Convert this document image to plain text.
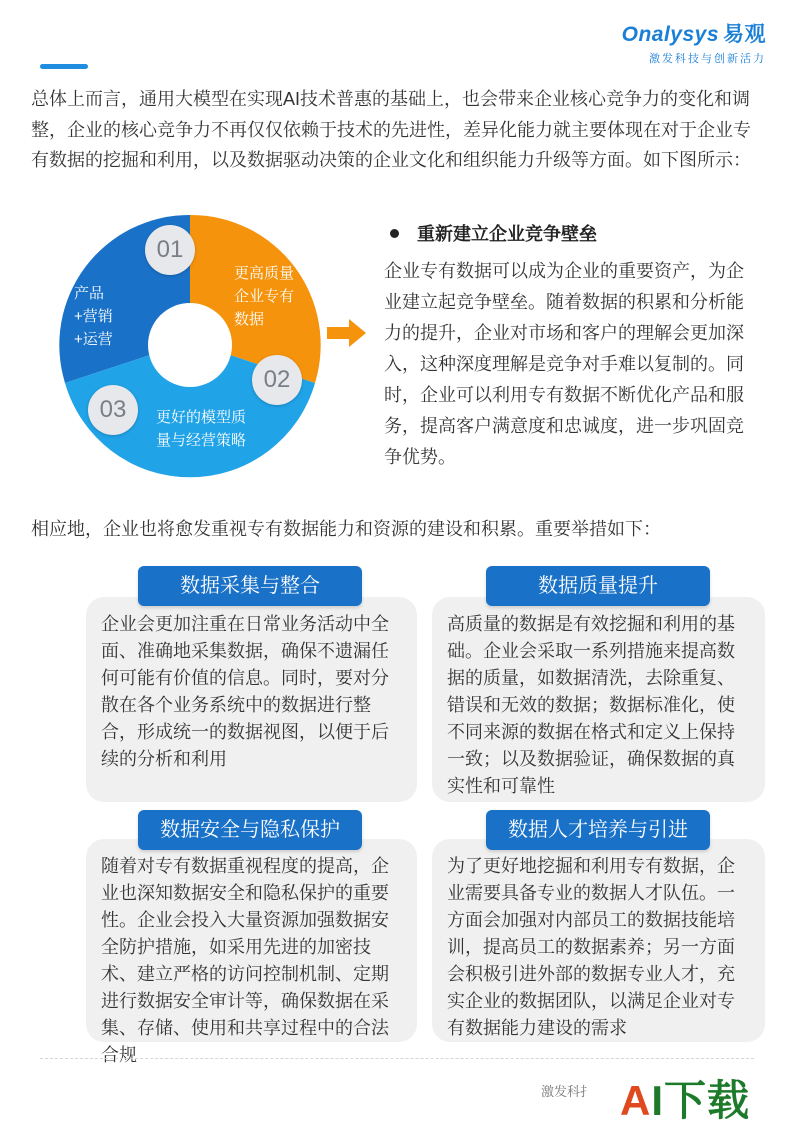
Onalysys 易观
激发科技与创新活力
总体上而言，通用大模型在实现AI技术普惠的基础上，也会带来企业核心竞争力的变化和调整，企业的核心竞争力不再仅仅依赖于技术的先进性，差异化能力就主要体现在对于企业专有数据的挖掘和利用，以及数据驱动决策的企业文化和组织能力升级等方面。如下图所示：
产品+营销+运营
更高质量企业专有数据
更好的模型质量与经营策略
01
02
03
重新建立企业竞争壁垒
企业专有数据可以成为企业的重要资产，为企业建立起竞争壁垒。随着数据的积累和分析能力的提升，企业对市场和客户的理解会更加深入，这种深度理解是竞争对手难以复制的。同时，企业可以利用专有数据不断优化产品和服务，提高客户满意度和忠诚度，进一步巩固竞争优势。
相应地，企业也将愈发重视专有数据能力和资源的建设和积累。重要举措如下：
企业会更加注重在日常业务活动中全面、准确地采集数据，确保不遗漏任何可能有价值的信息。同时，要对分散在各个业务系统中的数据进行整合，形成统一的数据视图，以便于后续的分析和利用
数据采集与整合
高质量的数据是有效挖掘和利用的基础。企业会采取一系列措施来提高数据的质量，如数据清洗，去除重复、错误和无效的数据；数据标准化，使不同来源的数据在格式和定义上保持一致；以及数据验证，确保数据的真实性和可靠性
数据质量提升
随着对专有数据重视程度的提高，企业也深知数据安全和隐私保护的重要性。企业会投入大量资源加强数据安全防护措施，如采用先进的加密技术、建立严格的访问控制机制、定期进行数据安全审计等，确保数据在采集、存储、使用和共享过程中的合法合规
数据安全与隐私保护
为了更好地挖掘和利用专有数据，企业需要具备专业的数据人才队伍。一方面会加强对内部员工的数据技能培训，提高员工的数据素养；另一方面会积极引进外部的数据专业人才，充实企业的数据团队，以满足企业对专有数据能力建设的需求
数据人才培养与引进
激发科扌 AI下载
